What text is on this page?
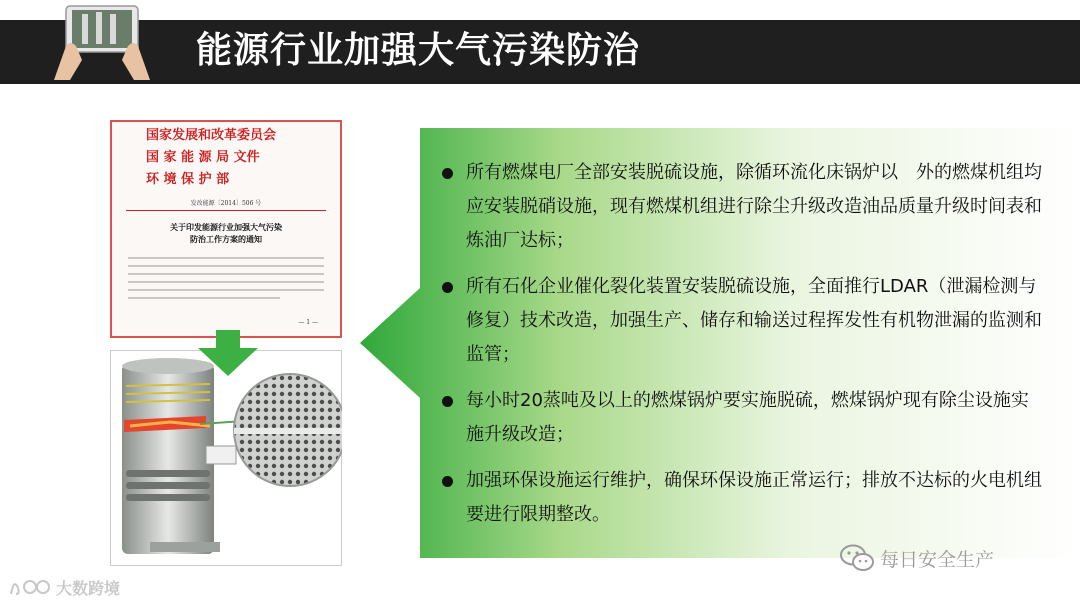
能源行业加强大气污染防治
国家发展和改革委员会
国 家 能 源 局 文件
环 境 保 护 部
发改能源〔2014〕506 号
关于印发能源行业加强大气污染
防治工作方案的通知
— 1 —
所有燃煤电厂全部安装脱硫设施，除循环流化床锅炉以　外的燃煤机组均应安装脱硝设施，现有燃煤机组进行除尘升级改造油品质量升级时间表和炼油厂达标；
所有石化企业催化裂化装置安装脱硫设施，全面推行LDAR（泄漏检测与修复）技术改造，加强生产、储存和输送过程挥发性有机物泄漏的监测和监管；
每小时20蒸吨及以上的燃煤锅炉要实施脱硫，燃煤锅炉现有除尘设施实施升级改造；
加强环保设施运行维护，确保环保设施正常运行；排放不达标的火电机组要进行限期整改。
每日安全生产
大数跨境
